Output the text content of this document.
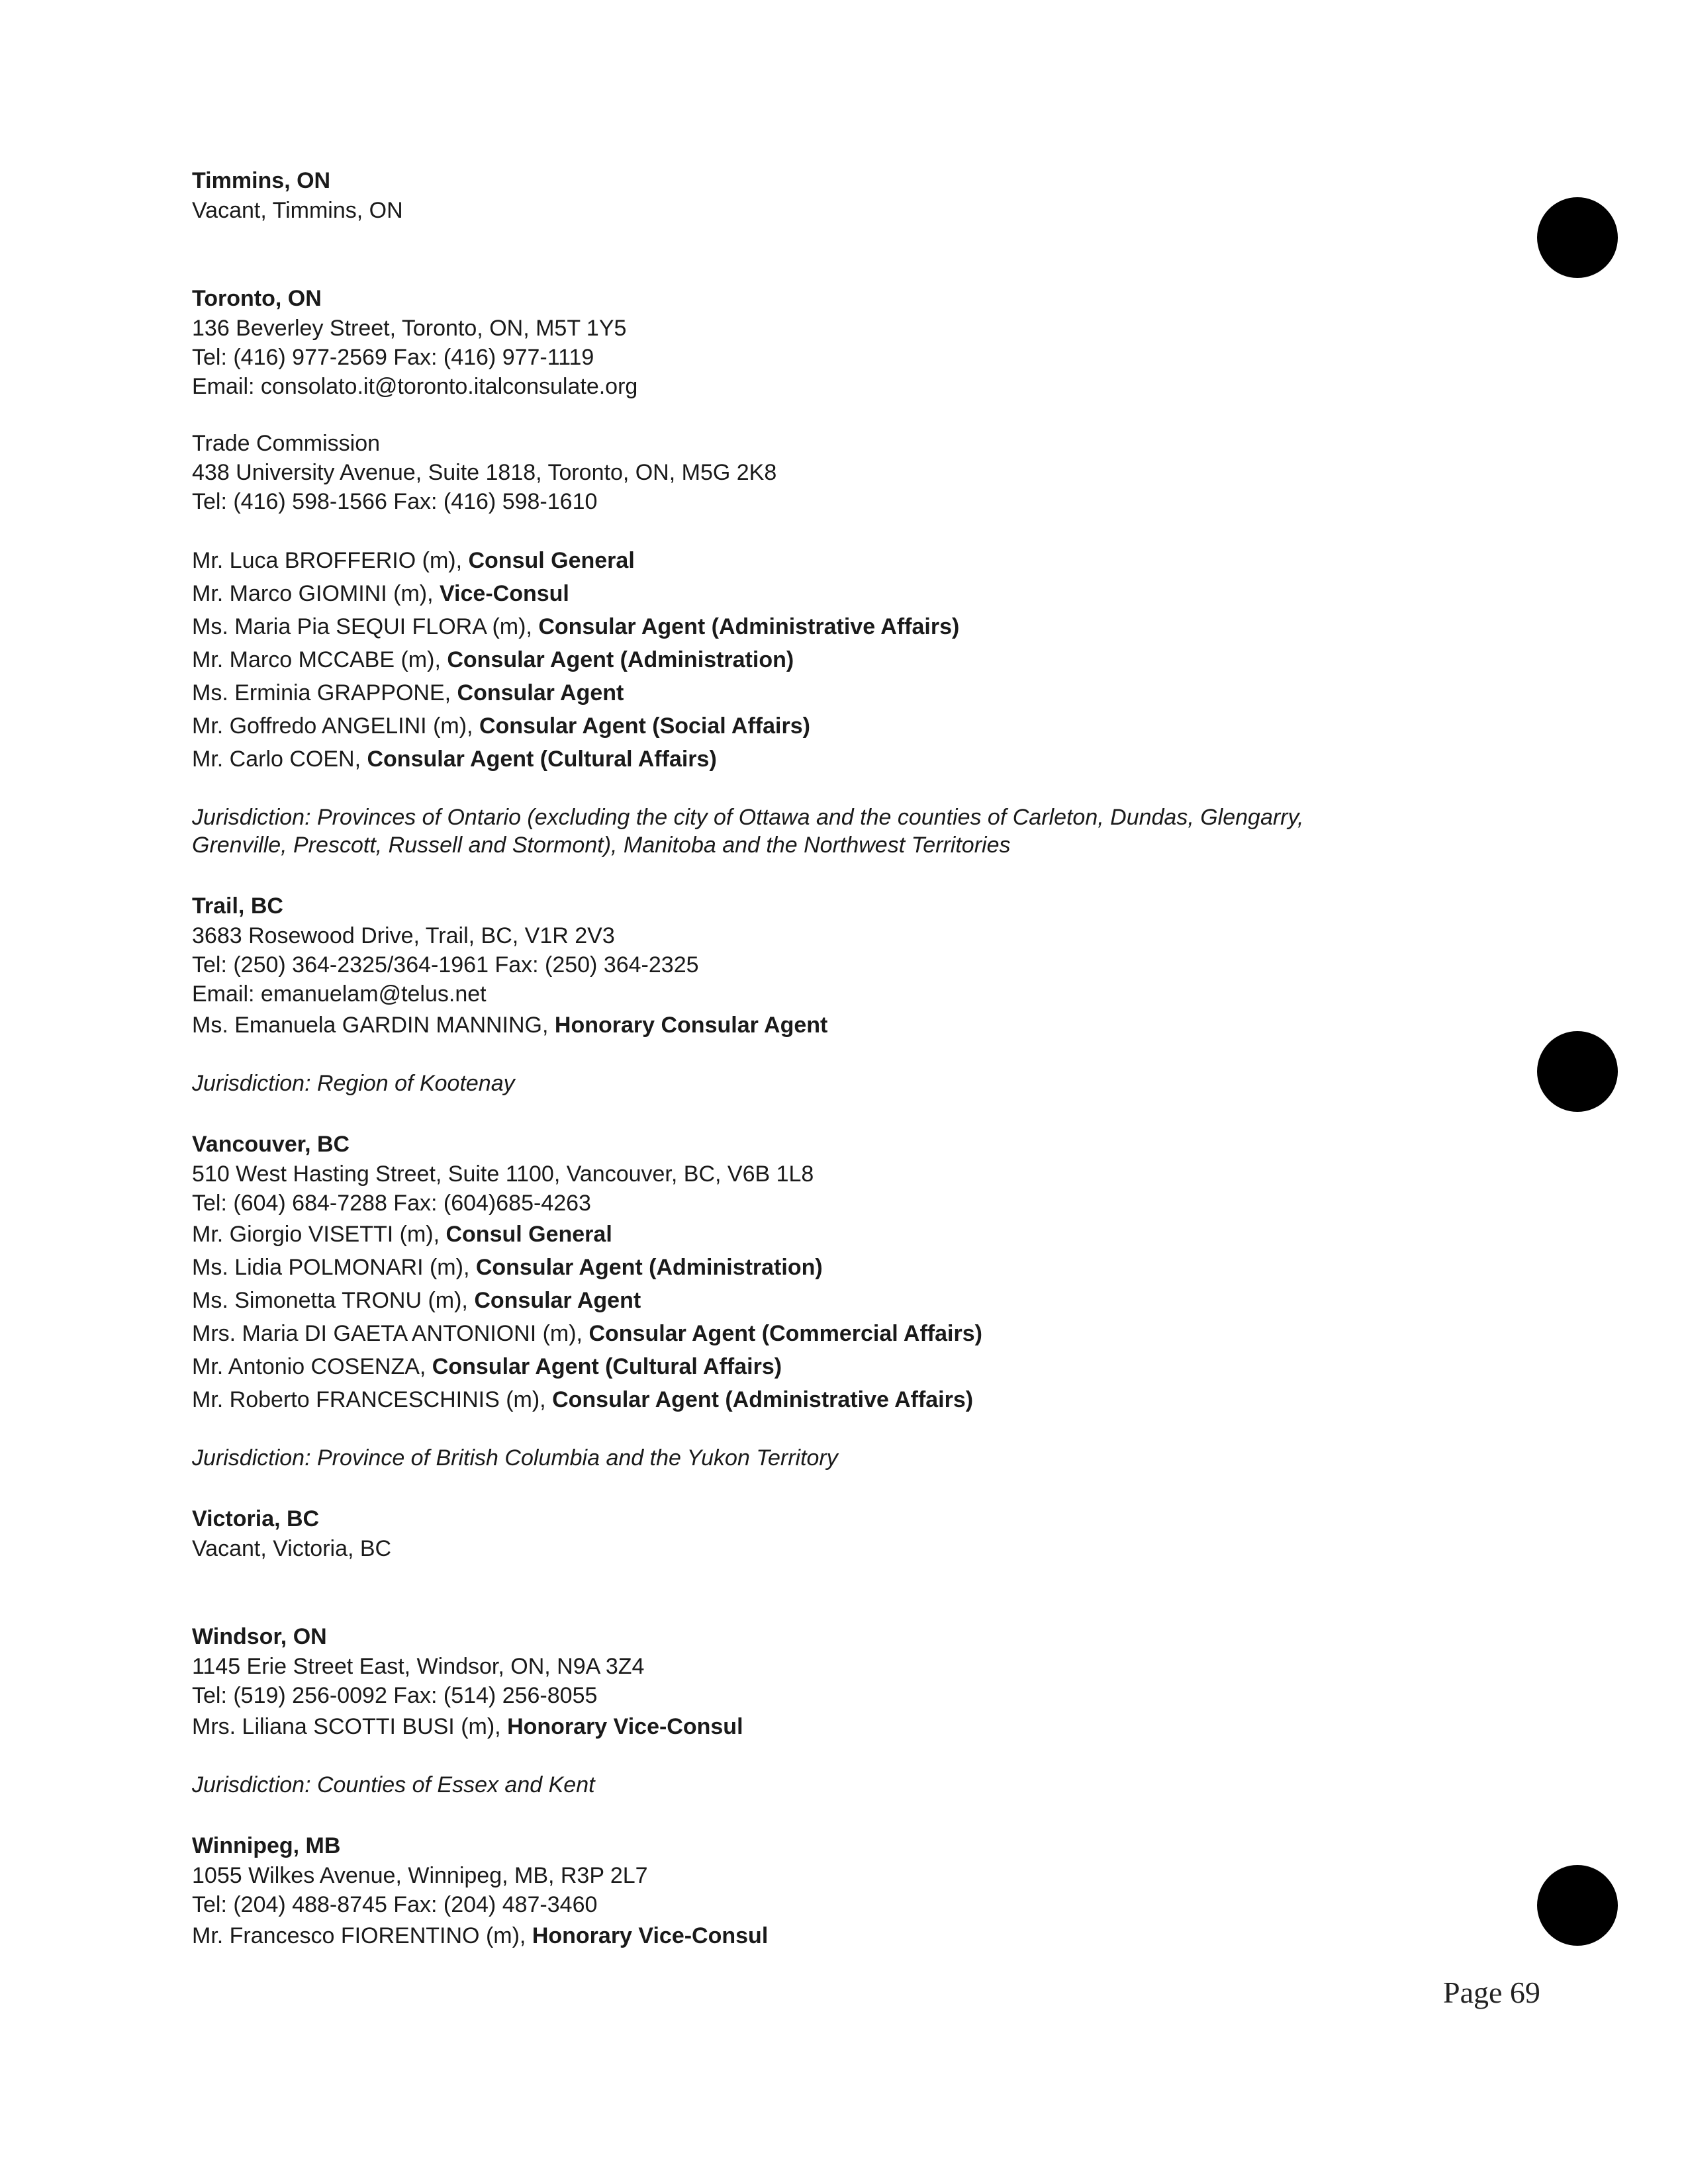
Timmins, ON
Vacant, Timmins, ON
Toronto, ON
136 Beverley Street, Toronto, ON, M5T 1Y5
Tel: (416) 977-2569 Fax: (416) 977-1119
Email: consolato.it@toronto.italconsulate.org
Trade Commission
438 University Avenue, Suite 1818, Toronto, ON, M5G 2K8
Tel: (416) 598-1566 Fax: (416) 598-1610
Mr. Luca BROFFERIO (m), Consul General
Mr. Marco GIOMINI (m), Vice-Consul
Ms. Maria Pia SEQUI FLORA (m), Consular Agent (Administrative Affairs)
Mr. Marco MCCABE (m), Consular Agent (Administration)
Ms. Erminia GRAPPONE, Consular Agent
Mr. Goffredo ANGELINI (m), Consular Agent (Social Affairs)
Mr. Carlo COEN, Consular Agent (Cultural Affairs)
Jurisdiction: Provinces of Ontario (excluding the city of Ottawa and the counties of Carleton, Dundas, Glengarry,
Grenville, Prescott, Russell and Stormont), Manitoba and the Northwest Territories
Trail, BC
3683 Rosewood Drive, Trail, BC, V1R 2V3
Tel: (250) 364-2325/364-1961 Fax: (250) 364-2325
Email: emanuelam@telus.net
Ms. Emanuela GARDIN MANNING, Honorary Consular Agent
Jurisdiction: Region of Kootenay
Vancouver, BC
510 West Hasting Street, Suite 1100, Vancouver, BC, V6B 1L8
Tel: (604) 684-7288 Fax: (604)685-4263
Mr. Giorgio VISETTI (m), Consul General
Ms. Lidia POLMONARI (m), Consular Agent (Administration)
Ms. Simonetta TRONU (m), Consular Agent
Mrs. Maria DI GAETA ANTONIONI (m), Consular Agent (Commercial Affairs)
Mr. Antonio COSENZA, Consular Agent (Cultural Affairs)
Mr. Roberto FRANCESCHINIS (m), Consular Agent (Administrative Affairs)
Jurisdiction: Province of British Columbia and the Yukon Territory
Victoria, BC
Vacant, Victoria, BC
Windsor, ON
1145 Erie Street East, Windsor, ON, N9A 3Z4
Tel: (519) 256-0092 Fax: (514) 256-8055
Mrs. Liliana SCOTTI BUSI (m), Honorary Vice-Consul
Jurisdiction: Counties of Essex and Kent
Winnipeg, MB
1055 Wilkes Avenue, Winnipeg, MB, R3P 2L7
Tel: (204) 488-8745 Fax: (204) 487-3460
Mr. Francesco FIORENTINO (m), Honorary Vice-Consul
Page 69
